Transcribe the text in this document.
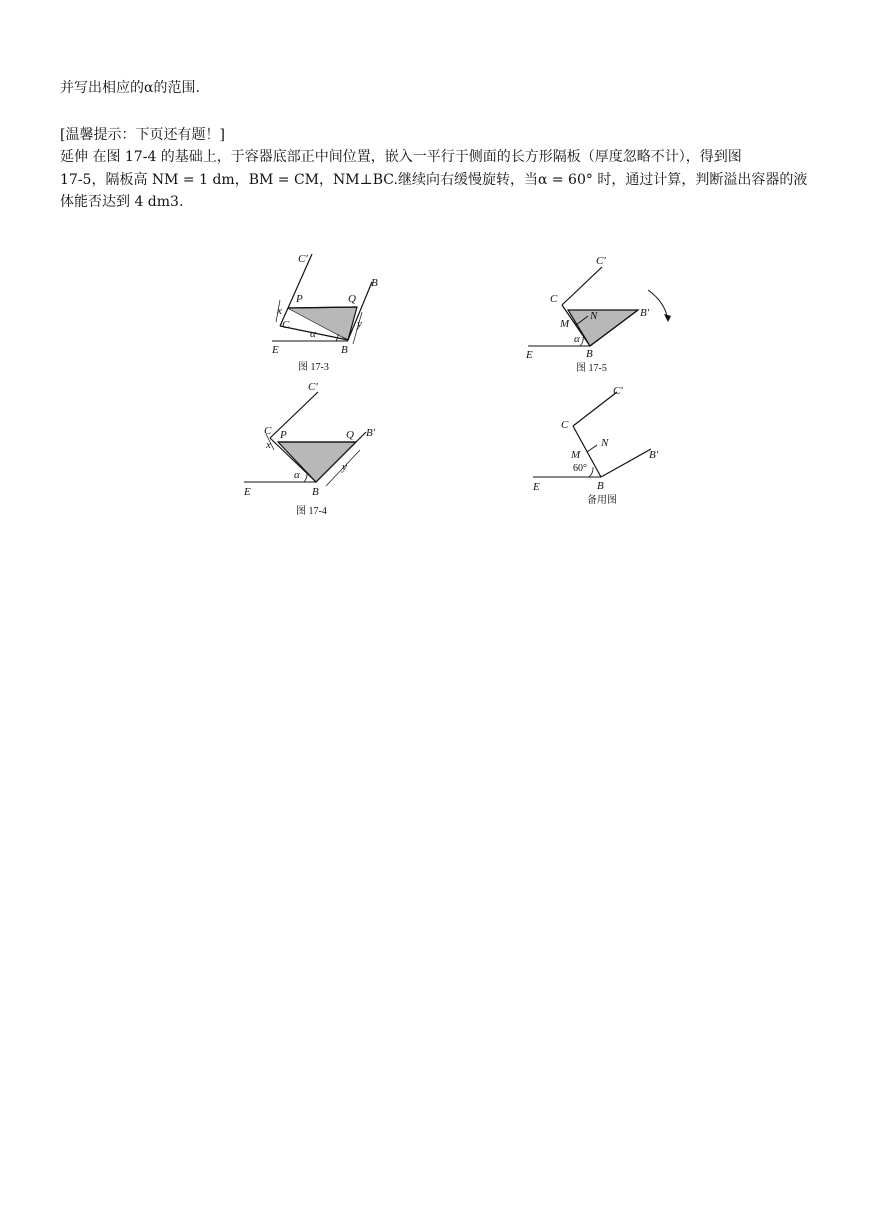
并写出相应的α的范围.
[温馨提示：下页还有题！]
延伸 在图 17-4 的基础上，于容器底部正中间位置，嵌入一平行于侧面的长方形隔板（厚度忽略不计），得到图
17-5，隔板高 NM = 1 dm，BM = CM，NM⊥BC.继续向右缓慢旋转，当α = 60° 时，通过计算，判断溢出容器的液
体能否达到 4 dm3.
C′
B
P	Q
x
C	y
α
E	B
图 17-3
C′
C
N
M
B′
α
E	B
图 17-5
C′
C
x
P	Q B′
α
y
E	B
图 17-4
C′
C
N
M
60°
B′
E	B
备用图
